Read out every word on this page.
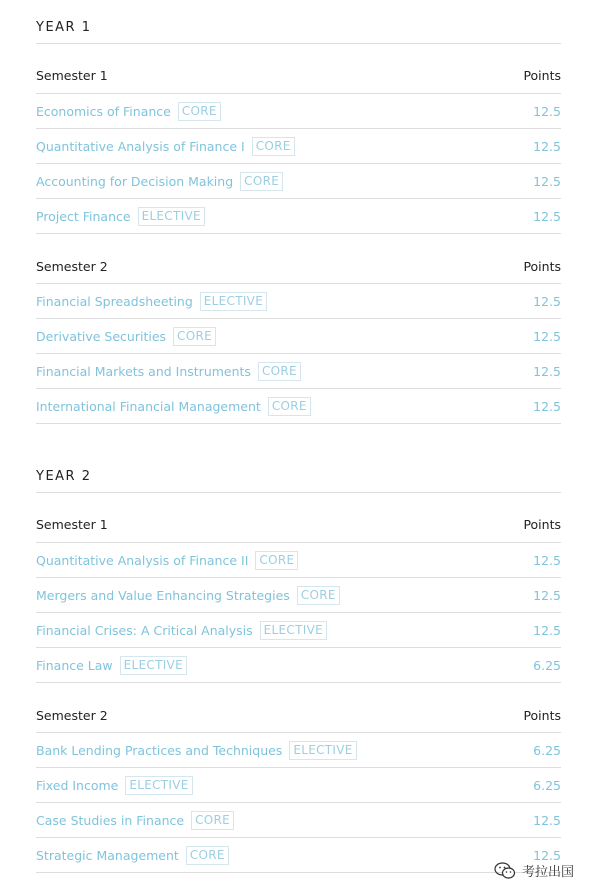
YEAR 1
Semester 1	Points
Economics of Finance CORE	12.5
Quantitative Analysis of Finance I CORE	12.5
Accounting for Decision Making CORE	12.5
Project Finance ELECTIVE	12.5
Semester 2	Points
Financial Spreadsheeting ELECTIVE	12.5
Derivative Securities CORE	12.5
Financial Markets and Instruments CORE	12.5
International Financial Management CORE	12.5
YEAR 2
Semester 1	Points
Quantitative Analysis of Finance II CORE	12.5
Mergers and Value Enhancing Strategies CORE	12.5
Financial Crises: A Critical Analysis ELECTIVE	12.5
Finance Law ELECTIVE	6.25
Semester 2	Points
Bank Lending Practices and Techniques ELECTIVE	6.25
Fixed Income ELECTIVE	6.25
Case Studies in Finance CORE	12.5
Strategic Management CORE	12.5
考拉出国
